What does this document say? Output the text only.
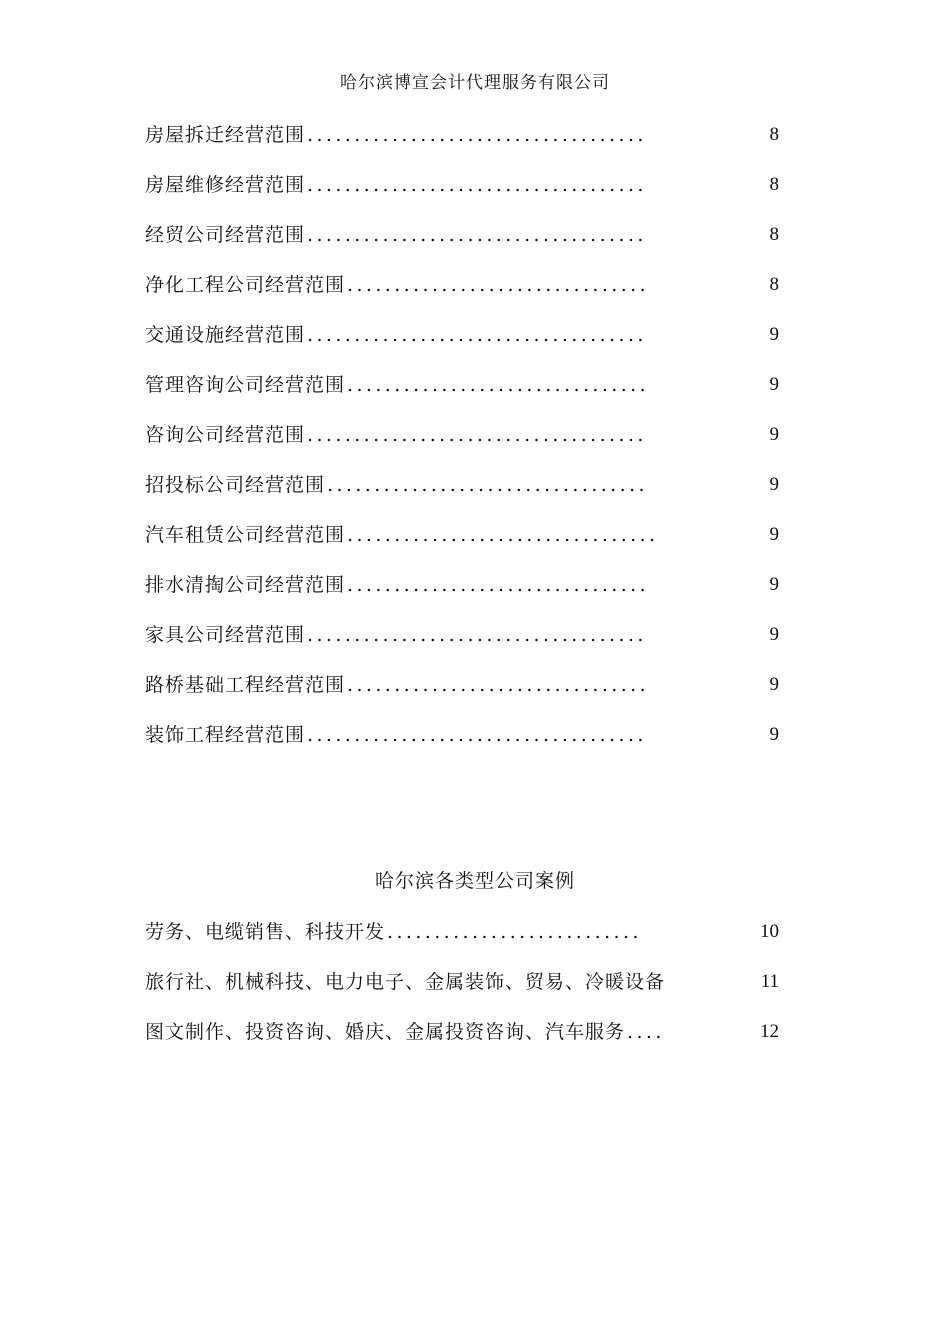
哈尔滨博宣会计代理服务有限公司
房屋拆迁经营范围 ....................................	8
房屋维修经营范围 ....................................	8
经贸公司经营范围 ....................................	8
净化工程公司经营范围 ................................	8
交通设施经营范围 ....................................	9
管理咨询公司经营范围 ................................	9
咨询公司经营范围 ....................................	9
招投标公司经营范围 ..................................	9
汽车租赁公司经营范围 .................................	9
排水清掏公司经营范围 ................................	9
家具公司经营范围 ....................................	9
路桥基础工程经营范围 ................................	9
装饰工程经营范围 ....................................	9
哈尔滨各类型公司案例
劳务、电缆销售、科技开发 ...........................	10
旅行社、机械科技、电力电子、金属装饰、贸易、冷暖设备	11
图文制作、投资咨询、婚庆、金属投资咨询、汽车服务 ....	12
